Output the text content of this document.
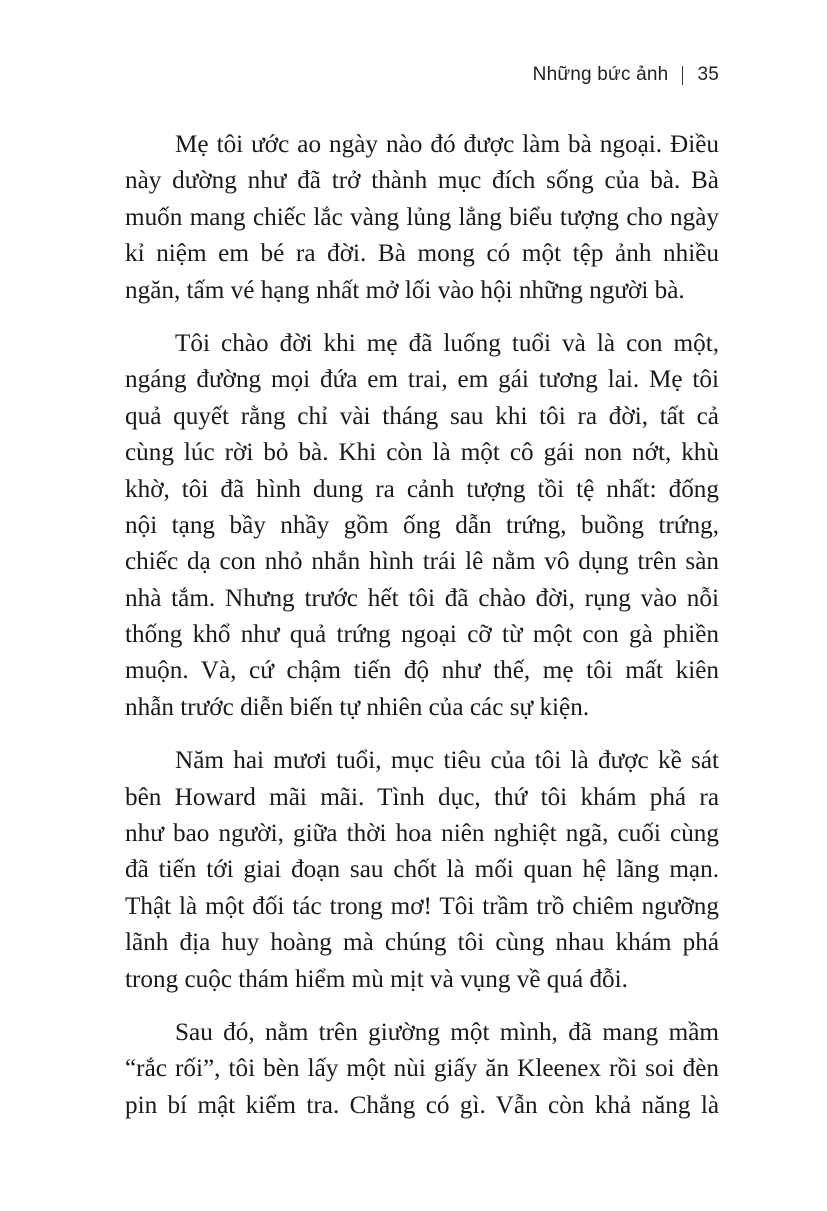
Những bức ảnh 35
Mẹ tôi ước ao ngày nào đó được làm bà ngoại. Điều
này dường như đã trở thành mục đích sống của bà. Bà
muốn mang chiếc lắc vàng lủng lẳng biểu tượng cho ngày
kỉ niệm em bé ra đời. Bà mong có một tệp ảnh nhiều
ngăn, tấm vé hạng nhất mở lối vào hội những người bà.
Tôi chào đời khi mẹ đã luống tuổi và là con một,
ngáng đường mọi đứa em trai, em gái tương lai. Mẹ tôi
quả quyết rằng chỉ vài tháng sau khi tôi ra đời, tất cả
cùng lúc rời bỏ bà. Khi còn là một cô gái non nớt, khù
khờ, tôi đã hình dung ra cảnh tượng tồi tệ nhất: đống
nội tạng bầy nhầy gồm ống dẫn trứng, buồng trứng,
chiếc dạ con nhỏ nhắn hình trái lê nằm vô dụng trên sàn
nhà tắm. Nhưng trước hết tôi đã chào đời, rụng vào nỗi
thống khổ như quả trứng ngoại cỡ từ một con gà phiền
muộn. Và, cứ chậm tiến độ như thế, mẹ tôi mất kiên
nhẫn trước diễn biến tự nhiên của các sự kiện.
Năm hai mươi tuổi, mục tiêu của tôi là được kề sát
bên Howard mãi mãi. Tình dục, thứ tôi khám phá ra
như bao người, giữa thời hoa niên nghiệt ngã, cuối cùng
đã tiến tới giai đoạn sau chốt là mối quan hệ lãng mạn.
Thật là một đối tác trong mơ! Tôi trầm trồ chiêm ngưỡng
lãnh địa huy hoàng mà chúng tôi cùng nhau khám phá
trong cuộc thám hiểm mù mịt và vụng về quá đỗi.
Sau đó, nằm trên giường một mình, đã mang mầm
“rắc rối”, tôi bèn lấy một nùi giấy ăn Kleenex rồi soi đèn
pin bí mật kiểm tra. Chẳng có gì. Vẫn còn khả năng là
